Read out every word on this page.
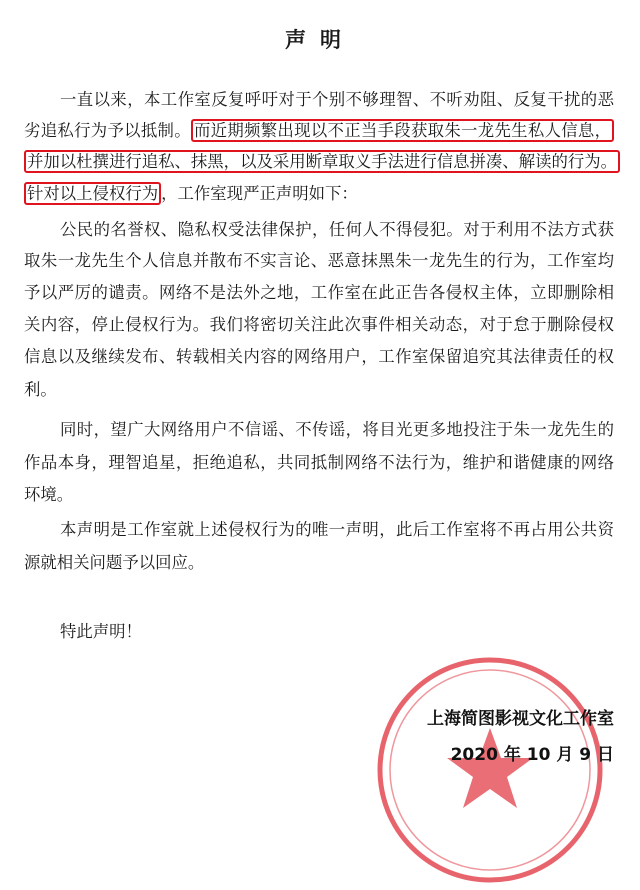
声明
一直以来，本工作室反复呼吁对于个别不够理智、不听劝阻、反复干扰的恶
劣追私行为予以抵制。 而近期频繁出现以不正当手段获取朱一龙先生私人信息，
并加以杜撰进行追私、抹黑，以及采用断章取义手法进行信息拼凑、解读的行为。
针对以上侵权行为 ，工作室现严正声明如下：
公民的名誉权、隐私权受法律保护，任何人不得侵犯。对于利用不法方式获
取朱一龙先生个人信息并散布不实言论、恶意抹黑朱一龙先生的行为，工作室均
予以严厉的谴责。网络不是法外之地，工作室在此正告各侵权主体，立即删除相
关内容，停止侵权行为。我们将密切关注此次事件相关动态，对于怠于删除侵权
信息以及继续发布、转载相关内容的网络用户，工作室保留追究其法律责任的权
利。
同时，望广大网络用户不信谣、不传谣，将目光更多地投注于朱一龙先生的
作品本身，理智追星，拒绝追私，共同抵制网络不法行为，维护和谐健康的网络
环境。
本声明是工作室就上述侵权行为的唯一声明，此后工作室将不再占用公共资
源就相关问题予以回应。
特此声明！
上海简图影视文化工作室
2020 年 10 月 9 日
